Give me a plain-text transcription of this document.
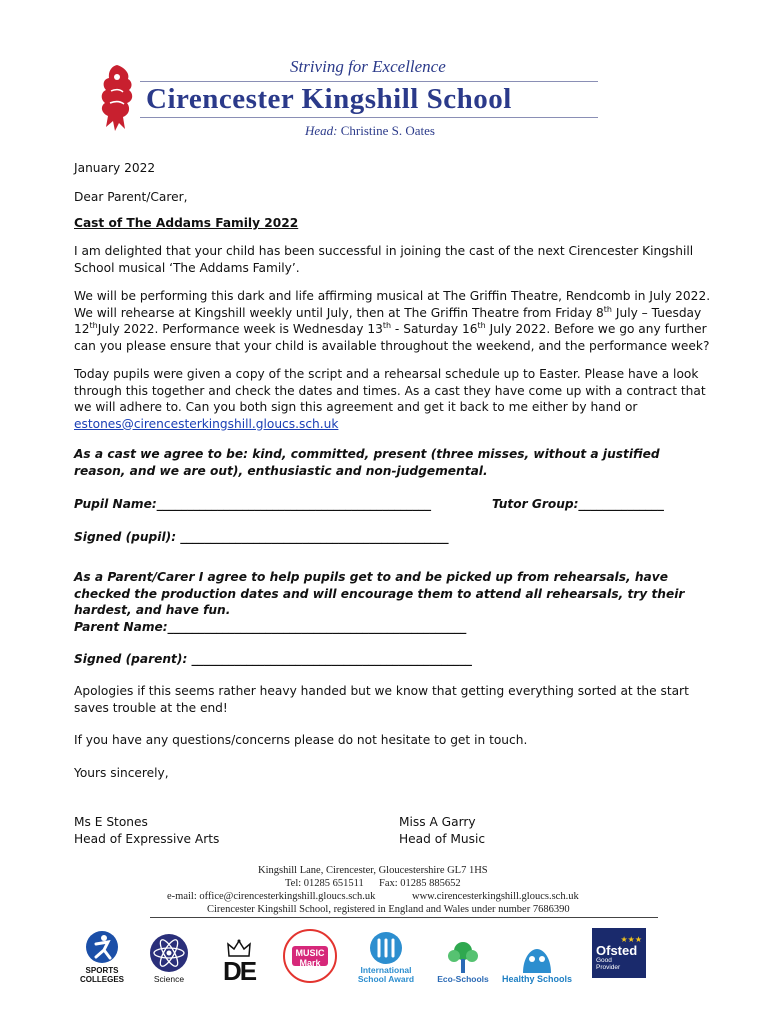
Striving for Excellence
Cirencester Kingshill School
Head: Christine S. Oates
January 2022
Dear Parent/Carer,
Cast of The Addams Family 2022
I am delighted that your child has been successful in joining the cast of the next Cirencester Kingshill School musical ‘The Addams Family’.
We will be performing this dark and life affirming musical at The Griffin Theatre, Rendcomb in July 2022. We will rehearse at Kingshill weekly until July, then at The Griffin Theatre from Friday 8th July – Tuesday 12thJuly 2022. Performance week is Wednesday 13th - Saturday 16th July 2022. Before we go any further can you please ensure that your child is available throughout the weekend, and the performance week?
Today pupils were given a copy of the script and a rehearsal schedule up to Easter. Please have a look through this together and check the dates and times. As a cast they have come up with a contract that we will adhere to. Can you both sign this agreement and get it back to me either by hand or
estones@cirencesterkingshill.gloucs.sch.uk
As a cast we agree to be: kind, committed, present (three misses, without a justified reason, and we are out), enthusiastic and non-judgemental.
Pupil Name:_____________________________________________	Tutor Group:______________
Signed (pupil): ____________________________________________
As a Parent/Carer I agree to help pupils get to and be picked up from rehearsals, have checked the production dates and will encourage them to attend all rehearsals, try their hardest, and have fun.
Parent Name:_________________________________________________
Signed (parent): ______________________________________________
Apologies if this seems rather heavy handed but we know that getting everything sorted at the start saves trouble at the end!
If you have any questions/concerns please do not hesitate to get in touch.
Yours sincerely,
Ms E Stones
Head of Expressive Arts
Miss A Garry
Head of Music
Kingshill Lane, Cirencester, Gloucestershire GL7 1HS
Tel: 01285 651511 Fax: 01285 885652
e-mail: office@cirencesterkingshill.gloucs.sch.uk	www.cirencesterkingshill.gloucs.sch.uk
Cirencester Kingshill School, registered in England and Wales under number 7686390
SPORTS COLLEGES	Science DE
MUSIC Mark
International School Award	Eco-Schools Healthy Schools
★★★
Ofsted
Good Provider
